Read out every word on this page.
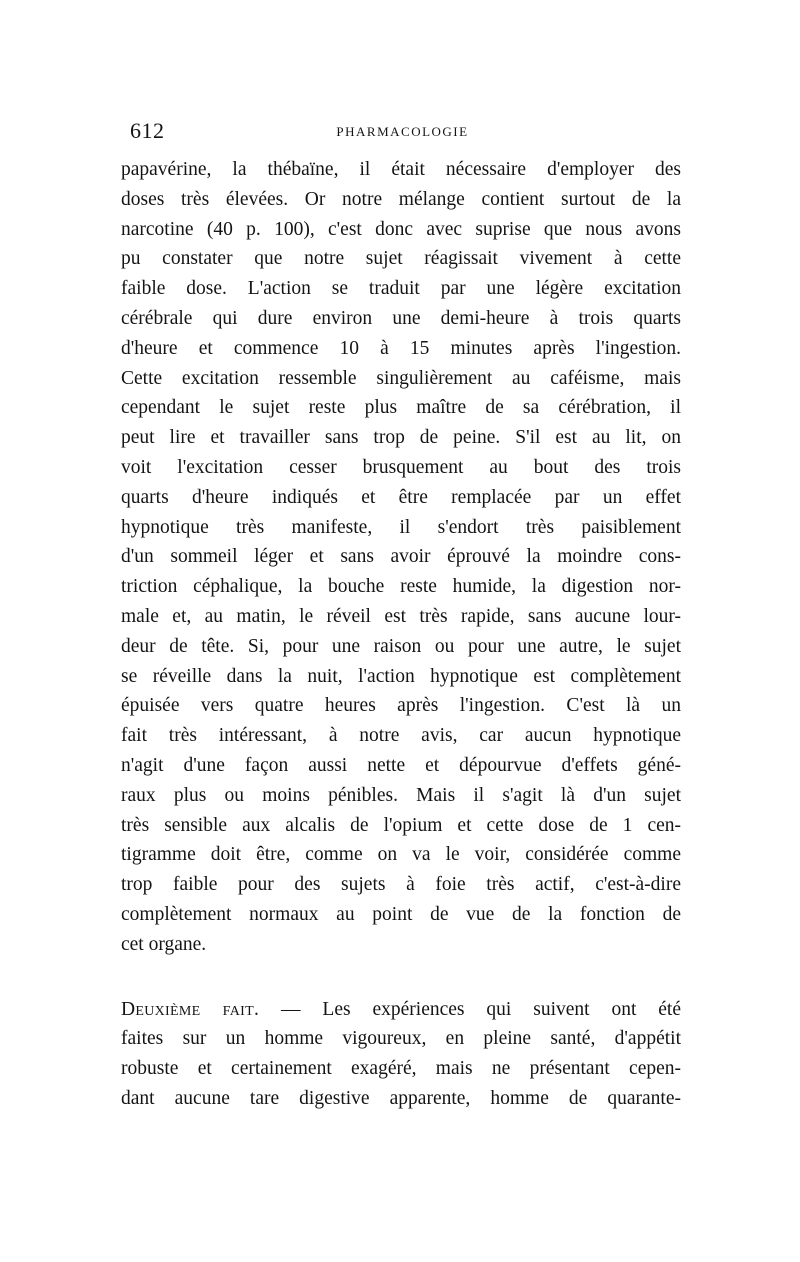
612	PHARMACOLOGIE
papavérine, la thébaïne, il était nécessaire d'employer des
doses très élevées. Or notre mélange contient surtout de la
narcotine (40 p. 100), c'est donc avec suprise que nous avons
pu constater que notre sujet réagissait vivement à cette
faible dose. L'action se traduit par une légère excitation
cérébrale qui dure environ une demi-heure à trois quarts
d'heure et commence 10 à 15 minutes après l'ingestion.
Cette excitation ressemble singulièrement au caféisme, mais
cependant le sujet reste plus maître de sa cérébration, il
peut lire et travailler sans trop de peine. S'il est au lit, on
voit l'excitation cesser brusquement au bout des trois
quarts d'heure indiqués et être remplacée par un effet
hypnotique très manifeste, il s'endort très paisiblement
d'un sommeil léger et sans avoir éprouvé la moindre cons-
triction céphalique, la bouche reste humide, la digestion nor-
male et, au matin, le réveil est très rapide, sans aucune lour-
deur de tête. Si, pour une raison ou pour une autre, le sujet
se réveille dans la nuit, l'action hypnotique est complètement
épuisée vers quatre heures après l'ingestion. C'est là un
fait très intéressant, à notre avis, car aucun hypnotique
n'agit d'une façon aussi nette et dépourvue d'effets géné-
raux plus ou moins pénibles. Mais il s'agit là d'un sujet
très sensible aux alcalis de l'opium et cette dose de 1 cen-
tigramme doit être, comme on va le voir, considérée comme
trop faible pour des sujets à foie très actif, c'est-à-dire
complètement normaux au point de vue de la fonction de
cet organe.
Deuxième fait. — Les expériences qui suivent ont été
faites sur un homme vigoureux, en pleine santé, d'appétit
robuste et certainement exagéré, mais ne présentant cepen-
dant aucune tare digestive apparente, homme de quarante-
